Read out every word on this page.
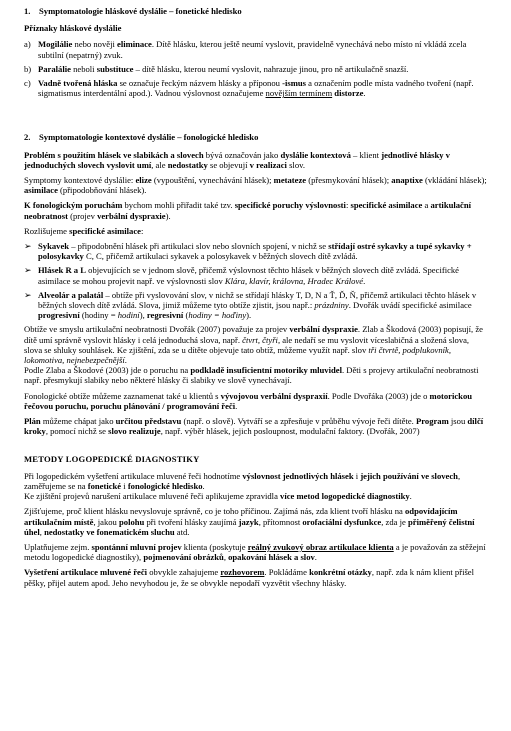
1. Symptomatologie hláskové dyslálie – fonetické hledisko
Příznaky hláskové dyslálie
a) Mogilálie nebo nověji eliminace. Dítě hlásku, kterou ještě neumí vyslovit, pravidelně vynechává nebo místo ní vkládá zcela subtilní (nepatrný) zvuk.
b) Paralálie neboli substituce – dítě hlásku, kterou neumí vyslovit, nahrazuje jinou, pro ně artikulačně snazší.
c) Vadně tvořená hláska se označuje řeckým názvem hlásky a příponou -ismus a označením podle místa vadného tvoření (např. sigmatismus interdentální apod.). Vadnou výslovnost označujeme novějším termínem distorze.
2. Symptomatologie kontextové dyslálie – fonologické hledisko

Problém s použitím hlásek ve slabikách a slovech bývá označován jako dyslálie kontextová – klient jednotlivé hlásky v jednoduchých slovech vyslovit umí, ale nedostatky se objevují v realizaci slov.

Symptomy kontextové dyslálie: elize (vypouštění, vynechávání hlásek); metateze (přesmykování hlásek); anaptixe (vkládání hlásek); asimilace (připodobňování hlásek).

K fonologickým poruchám bychom mohli přiřadit také tzv. specifické poruchy výslovnosti: specifické asimilace a artikulační neobratnost (projev verbální dyspraxie).

Rozlišujeme specifické asimilace:

➢ Sykavek – připodobnění hlásek při artikulaci slov nebo slovních spojení, v nichž se střídají ostré sykavky a tupé sykavky + polosykavky C, C, přičemž artikulaci sykavek a polosykavek v běžných slovech dítě zvládá.
➢ Hlásek R a L objevujících se v jednom slově, přičemž výslovnost těchto hlásek v běžných slovech dítě zvládá. Specifické asimilace se mohou projevit např. ve výslovnosti slov Klára, klavír, královna, Hradec Králové.
➢ Alveolár a palatál – obtíže při vyslovování slov, v nichž se střídají hlásky T, D, N a Ť, Ď, Ň, přičemž artikulaci těchto hlásek v běžných slovech dítě zvládá. Slova, jimiž můžeme tyto obtíže zjistit, jsou např.: prázdniny. Dvořák uvádí specifické asimilace progresivní (hodiny = hodiní), regresivní (hodiny = hoďiny).

Obtíže ve smyslu artikulační neobratnosti Dvořák (2007) považuje za projev verbální dyspraxie. Zlab a Škodová (2003) popisují, že dítě umí správně vyslovit hlásky i celá jednoduchá slova, např. čtvrt, čtyři, ale nedaří se mu vyslovit víceslabičná a složená slova, slova se shluky souhlásek. Ke zjištění, zda se u dítěte objevuje tato obtíž, můžeme využít např. slov tři čtvrtě, podplukovník, lokomotiva, nejnebezpečnější.

Podle Zlaba a Škodové (2003) jde o poruchu na podkladě insuficientní motoriky mluvidel. Děti s projevy artikulační neobratnosti např. přesmykují slabiky nebo některé hlásky či slabiky ve slově vynechávají.

Fonologické obtíže můžeme zaznamenat také u klientů s vývojovou verbální dyspraxií. Podle Dvořáka (2003) jde o motorickou řečovou poruchu, poruchu plánování / programování řeči.

Plán můžeme chápat jako určitou představu (např. o slově). Vytváří se a zpřesňuje v průběhu vývoje řeči dítěte. Program jsou dílčí kroky, pomocí nichž se slovo realizuje, např. výběr hlásek, jejich posloupnost, modulační faktory. (Dvořák, 2007)

METODY LOGOPEDICKÉ DIAGNOSTIKY

Při logopedickém vyšetření artikulace mluvené řeči hodnotíme výslovnost jednotlivých hlásek i jejich používání ve slovech, zaměřujeme se na fonetické i fonologické hledisko.

Ke zjištění projevů narušení artikulace mluvené řeči aplikujeme zpravidla více metod logopedické diagnostiky.

Zjišťujeme, proč klient hlásku nevyslovuje správně, co je toho příčinou. Zajímá nás, zda klient tvoří hlásku na odpovídajícím artikulačním místě, jakou polohu při tvoření hlásky zaujímá jazyk, přítomnost orofaciální dysfunkce, zda je přiměřený čelistní úhel, nedostatky ve fonematickém sluchu atd.

Uplatňujeme zejm. spontánní mluvní projev klienta (poskytuje reálný zvukový obraz artikulace klienta a je považován za stěžejní metodu logopedické diagnostiky), pojmenování obrázků, opakování hlásek a slov.

Vyšetření artikulace mluvené řeči obvykle zahajujeme rozhovorem. Pokládáme konkrétní otázky, např. zda k nám klient přišel pěšky, přijel autem apod. Jeho nevyhodou je, že se obvykle nepodaří vyzvětit všechny hlásky.
